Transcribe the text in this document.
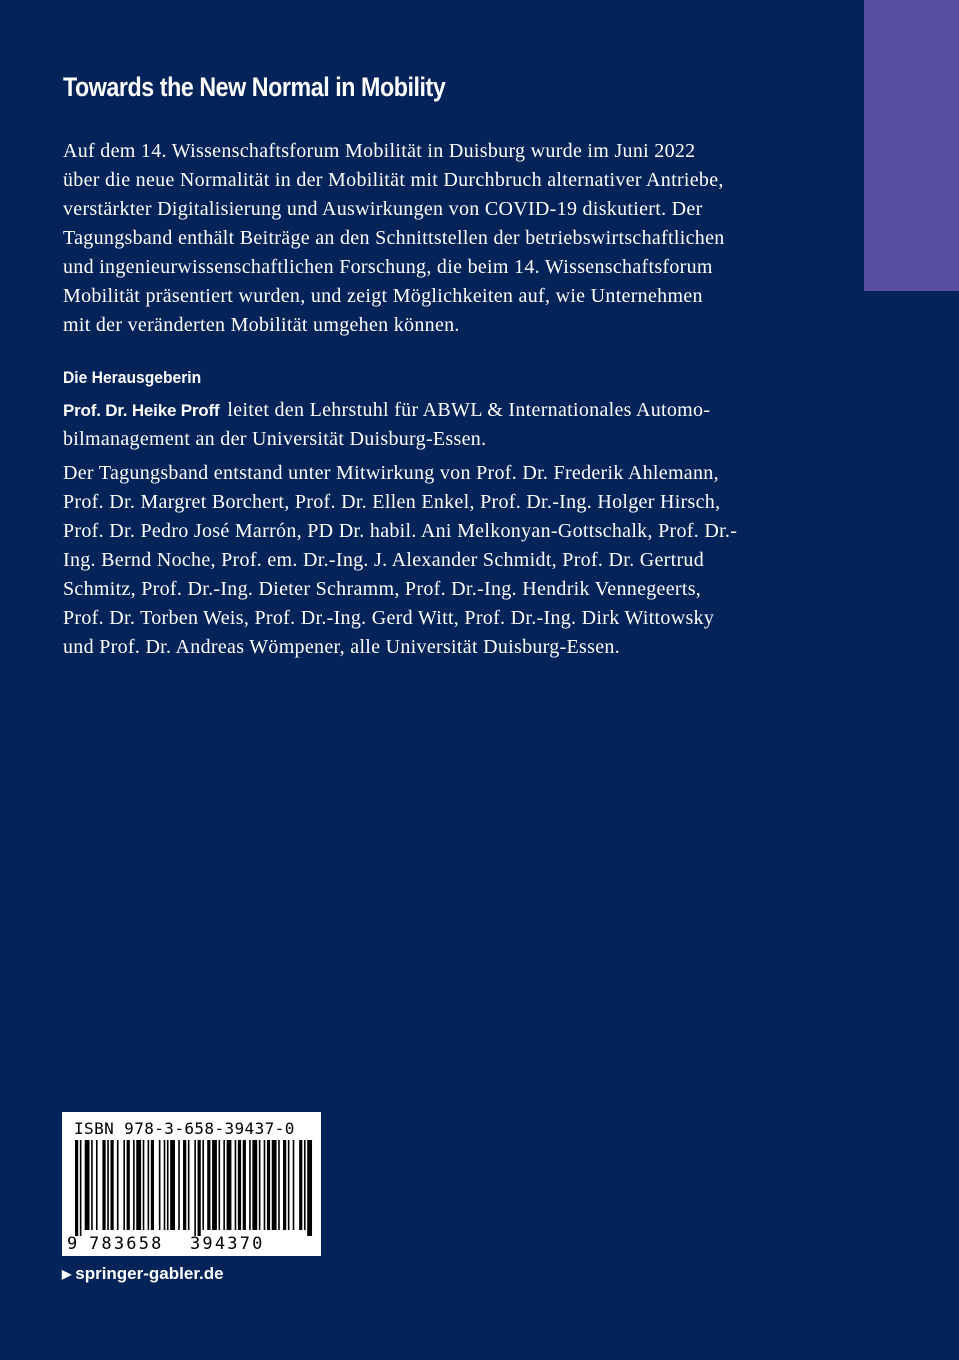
Towards the New Normal in Mobility

Auf dem 14. Wissenschaftsforum Mobilität in Duisburg wurde im Juni 2022
über die neue Normalität in der Mobilität mit Durchbruch alternativer Antriebe,
verstärkter Digitalisierung und Auswirkungen von COVID-19 diskutiert. Der
Tagungsband enthält Beiträge an den Schnittstellen der betriebswirtschaftlichen
und ingenieurwissenschaftlichen Forschung, die beim 14. Wissenschaftsforum
Mobilität präsentiert wurden, und zeigt Möglichkeiten auf, wie Unternehmen
mit der veränderten Mobilität umgehen können.

Die Herausgeberin

Prof. Dr. Heike Proff leitet den Lehrstuhl für ABWL & Internationales Automo-
bilmanagement an der Universität Duisburg-Essen.

Der Tagungsband entstand unter Mitwirkung von Prof. Dr. Frederik Ahlemann,
Prof. Dr. Margret Borchert, Prof. Dr. Ellen Enkel, Prof. Dr.-Ing. Holger Hirsch,
Prof. Dr. Pedro José Marrón, PD Dr. habil. Ani Melkonyan-Gottschalk, Prof. Dr.-
Ing. Bernd Noche, Prof. em. Dr.-Ing. J. Alexander Schmidt, Prof. Dr. Gertrud
Schmitz, Prof. Dr.-Ing. Dieter Schramm, Prof. Dr.-Ing. Hendrik Vennegeerts,
Prof. Dr. Torben Weis, Prof. Dr.-Ing. Gerd Witt, Prof. Dr.-Ing. Dirk Wittowsky
und Prof. Dr. Andreas Wömpener, alle Universität Duisburg-Essen.

ISBN 978-3-658-39437-0
9 783658 394370
▶ springer-gabler.de
